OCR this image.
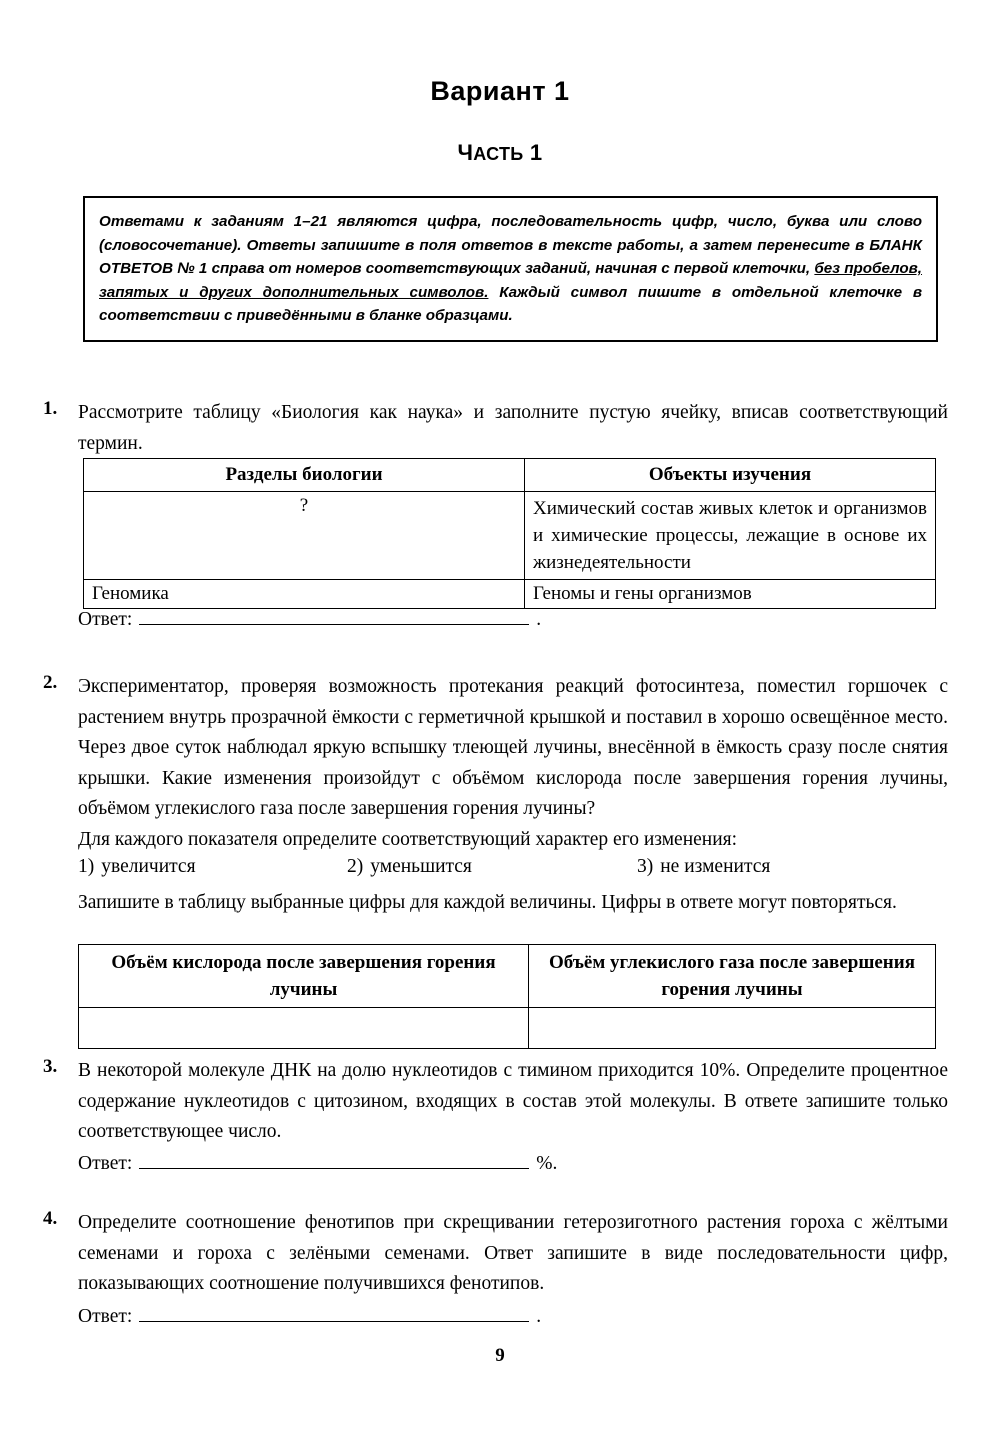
Вариант 1
ЧАСТЬ 1

Ответами к заданиям 1–21 являются цифра, последовательность цифр, число, буква или слово (словосочетание). Ответы запишите в поля ответов в тексте работы, а затем перенесите в БЛАНК ОТВЕТОВ № 1 справа от номеров соответствующих заданий, начиная с первой клеточки, без пробелов, запятых и других дополнительных символов. Каждый символ пишите в отдельной клеточке в соответствии с приведёнными в бланке образцами.

1.	Рассмотрите таблицу «Биология как наука» и заполните пустую ячейку, вписав соответствующий термин.

Разделы биологии	Объекты изучения
?	Химический состав живых клеток и организмов и химические процессы, лежащие в основе их жизнедеятельности
Геномика	Геномы и гены организмов
Ответ:	.
2.	Экспериментатор, проверяя возможность протекания реакций фотосинтеза, поместил горшочек с растением внутрь прозрачной ёмкости с герметичной крышкой и поставил в хорошо освещённое место. Через двое суток наблюдал яркую вспышку тлеющей лучины, внесённой в ёмкость сразу после снятия крышки. Какие изменения произойдут с объёмом кислорода после завершения горения лучины, объёмом углекислого газа после завершения горения лучины?

Для каждого показателя определите соответствующий характер его изменения:

1) увеличится	2) уменьшится	3) не изменится

Запишите в таблицу выбранные цифры для каждой величины. Цифры в ответе могут повторяться.

Объём кислорода после завершения горения лучины	Объём углекислого газа после завершения горения лучины

3.	В некоторой молекуле ДНК на долю нуклеотидов с тимином приходится 10%. Определите процентное содержание нуклеотидов с цитозином, входящих в состав этой молекулы. В ответе запишите только соответствующее число.

Ответ:	%.
4.	Определите соотношение фенотипов при скрещивании гетерозиготного растения гороха с жёлтыми семенами и гороха с зелёными семенами. Ответ запишите в виде последовательности цифр, показывающих соотношение получившихся фенотипов.

Ответ:	.
9
